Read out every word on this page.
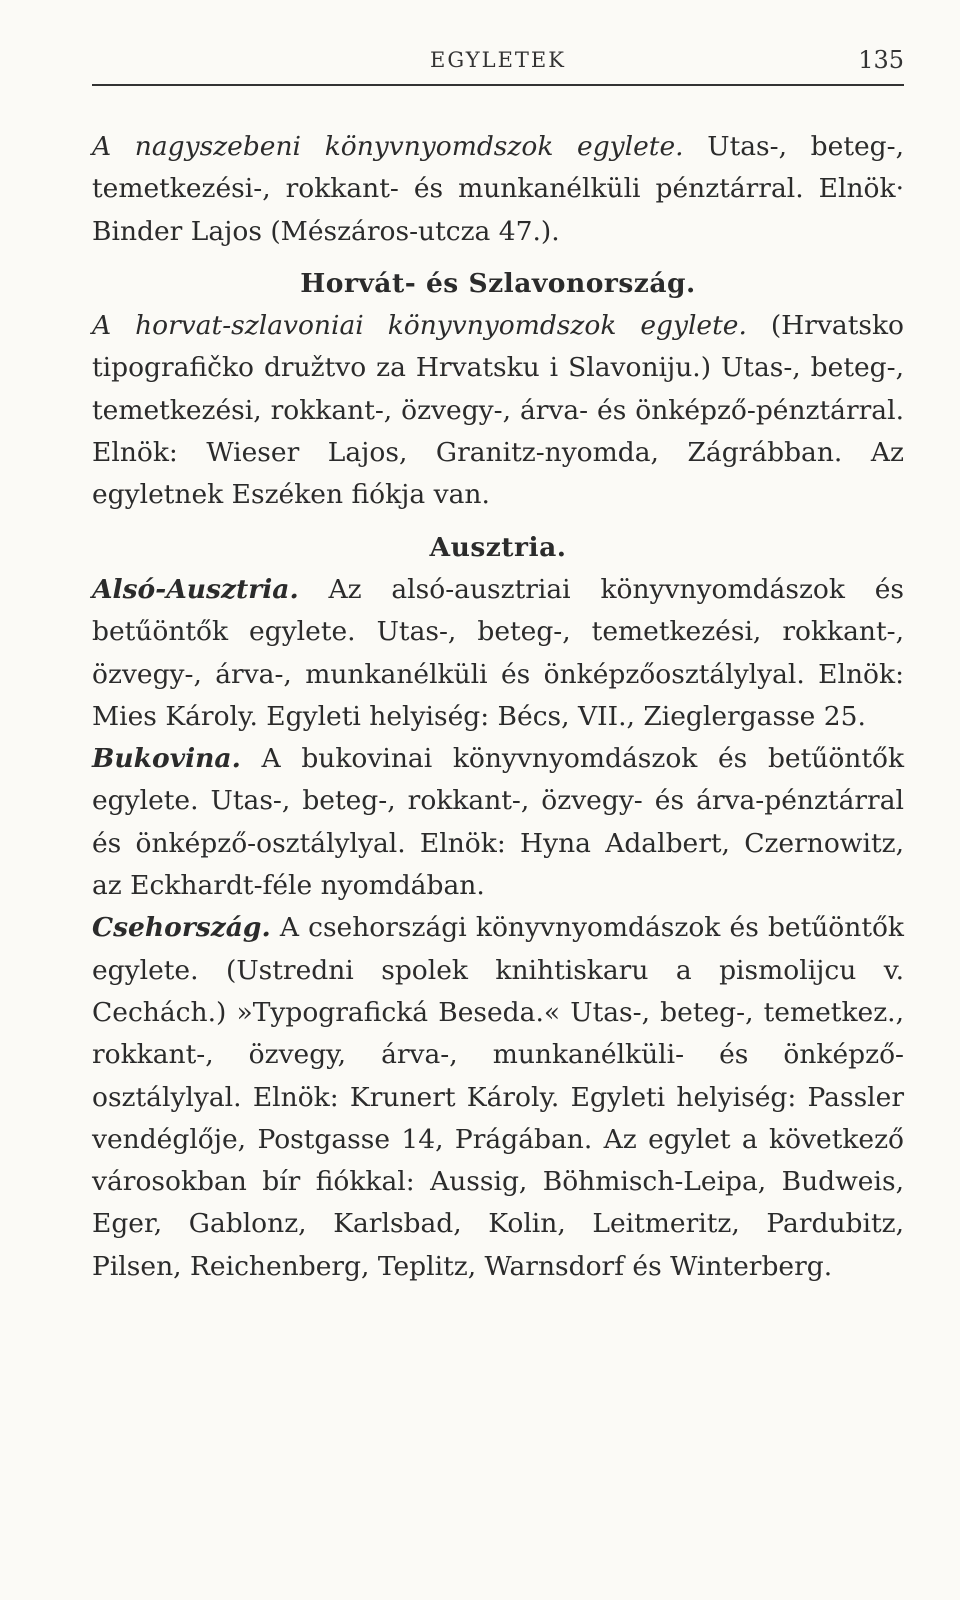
EGYLETEK	135

A nagyszebeni könyvnyomdszok egylete. Utas-, beteg-, temetkezési-, rokkant- és munkanélküli pénztárral. Elnök· Binder Lajos (Mészáros-utcza 47.).

Horvát- és Szlavonország.

A horvat-szlavoniai könyvnyomdszok egylete. (Hrvatsko tipografičko družtvo za Hrvatsku i Slavoniju.) Utas-, beteg-, temetkezési, rokkant-, özvegy-, árva- és önképző-pénztárral. Elnök: Wieser Lajos, Granitz-nyomda, Zágrábban. Az egyletnek Eszéken fiókja van.

Ausztria.

Alsó-Ausztria. Az alsó-ausztriai könyvnyomdászok és betűöntők egylete. Utas-, beteg-, temetkezési, rokkant-, özvegy-, árva-, munkanélküli és önképzőosztálylyal. Elnök: Mies Károly. Egyleti helyiség: Bécs, VII., Zieglergasse 25.

Bukovina. A bukovinai könyvnyomdászok és betűöntők egylete. Utas-, beteg-, rokkant-, özvegy- és árva-pénztárral és önképző-osztálylyal. Elnök: Hyna Adalbert, Czernowitz, az Eckhardt-féle nyomdában.

Csehország. A csehországi könyvnyomdászok és betűöntők egylete. (Ustredni spolek knihtiskaru a pismolijcu v. Cechách.) »Typografická Beseda.« Utas-, beteg-, temetkez., rokkant-, özvegy, árva-, munkanélküli- és önképző-osztálylyal. Elnök: Krunert Károly. Egyleti helyiség: Passler vendéglője, Postgasse 14, Prágában. Az egylet a következő városokban bír fiókkal: Aussig, Böhmisch-Leipa, Budweis, Eger, Gablonz, Karlsbad, Kolin, Leitmeritz, Pardubitz, Pilsen, Reichenberg, Teplitz, Warnsdorf és Winterberg.
